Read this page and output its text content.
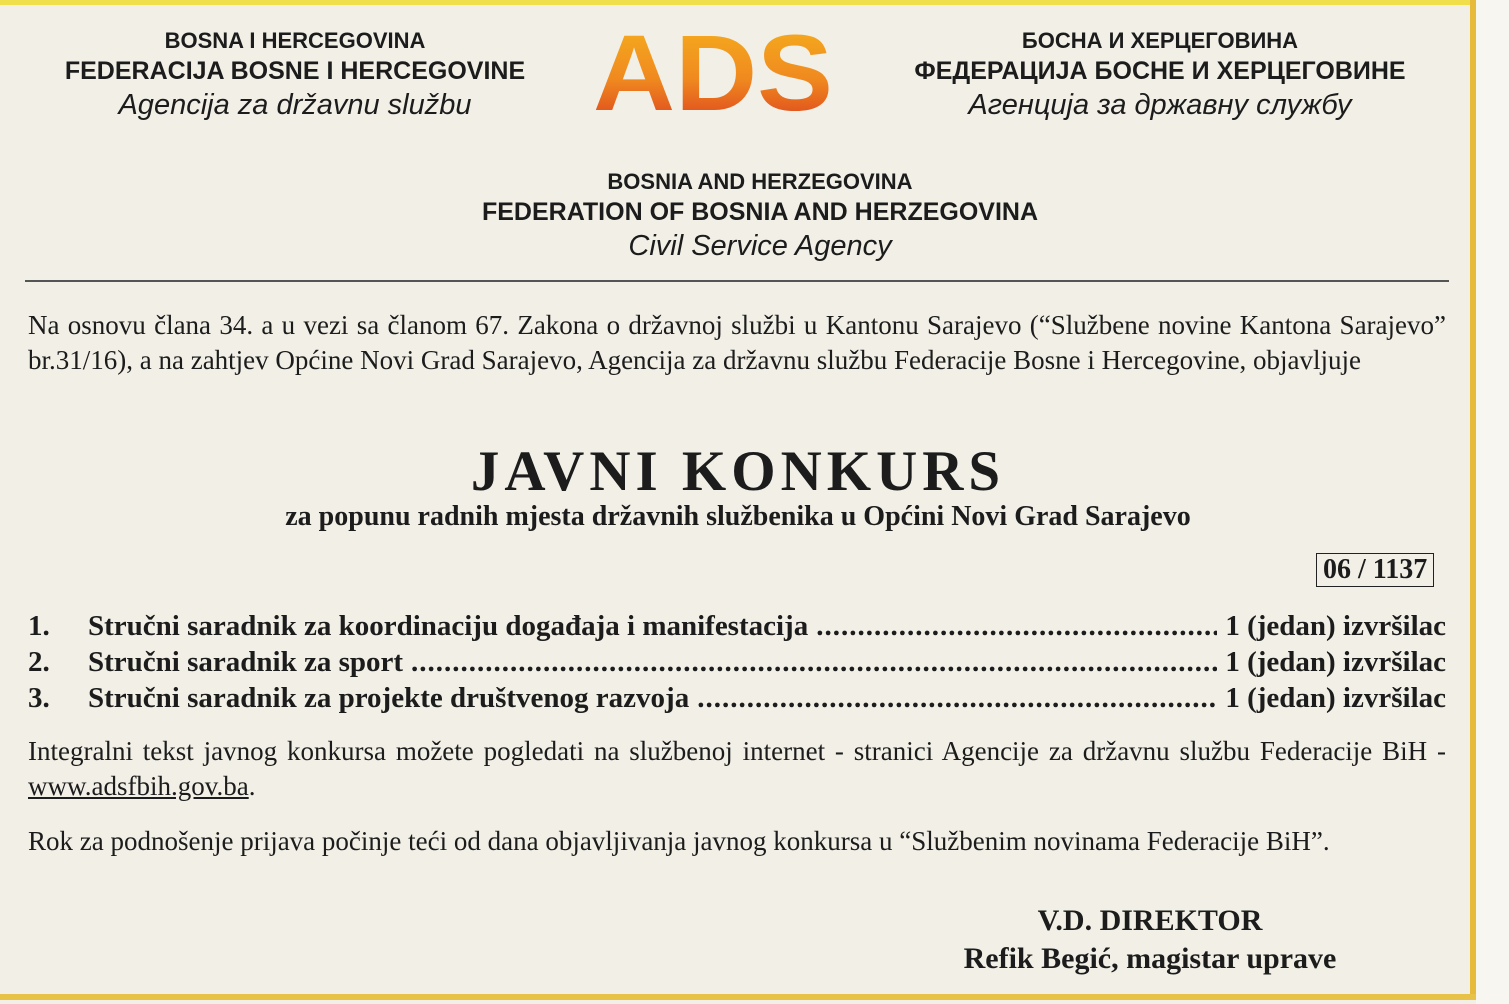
BOSNA I HERCEGOVINA
FEDERACIJA BOSNE I HERCEGOVINE
Agencija za državnu službu	ADS	БОСНА И ХЕРЦЕГОВИНА
ФЕДЕРАЦИЈА БОСНЕ И ХЕРЦЕГОВИНЕ
Агенција за државну службу
BOSNIA AND HERZEGOVINA
FEDERATION OF BOSNIA AND HERZEGOVINA
Civil Service Agency
Na osnovu člana 34. a u vezi sa članom 67. Zakona o državnoj službi u Kantonu Sarajevo (“Službene novine Kantona Sarajevo” br.31/16), a na zahtjev Općine Novi Grad Sarajevo, Agencija za državnu službu Federacije Bosne i Hercegovine, objavljuje
JAVNI KONKURS
za popunu radnih mjesta državnih službenika u Općini Novi Grad Sarajevo
06 / 1137
1.	Stručni saradnik za koordinaciju događaja i manifestacija .....	1 (jedan) izvršilac
2.	Stručni saradnik za sport .....	1 (jedan) izvršilac
3.	Stručni saradnik za projekte društvenog razvoja .....	1 (jedan) izvršilac
Integralni tekst javnog konkursa možete pogledati na službenoj internet - stranici Agencije za državnu službu Federacije BiH - www.adsfbih.gov.ba.
Rok za podnošenje prijava počinje teći od dana objavljivanja javnog konkursa u “Službenim novinama Federacije BiH”.
V.D. DIREKTOR
Refik Begić, magistar uprave
